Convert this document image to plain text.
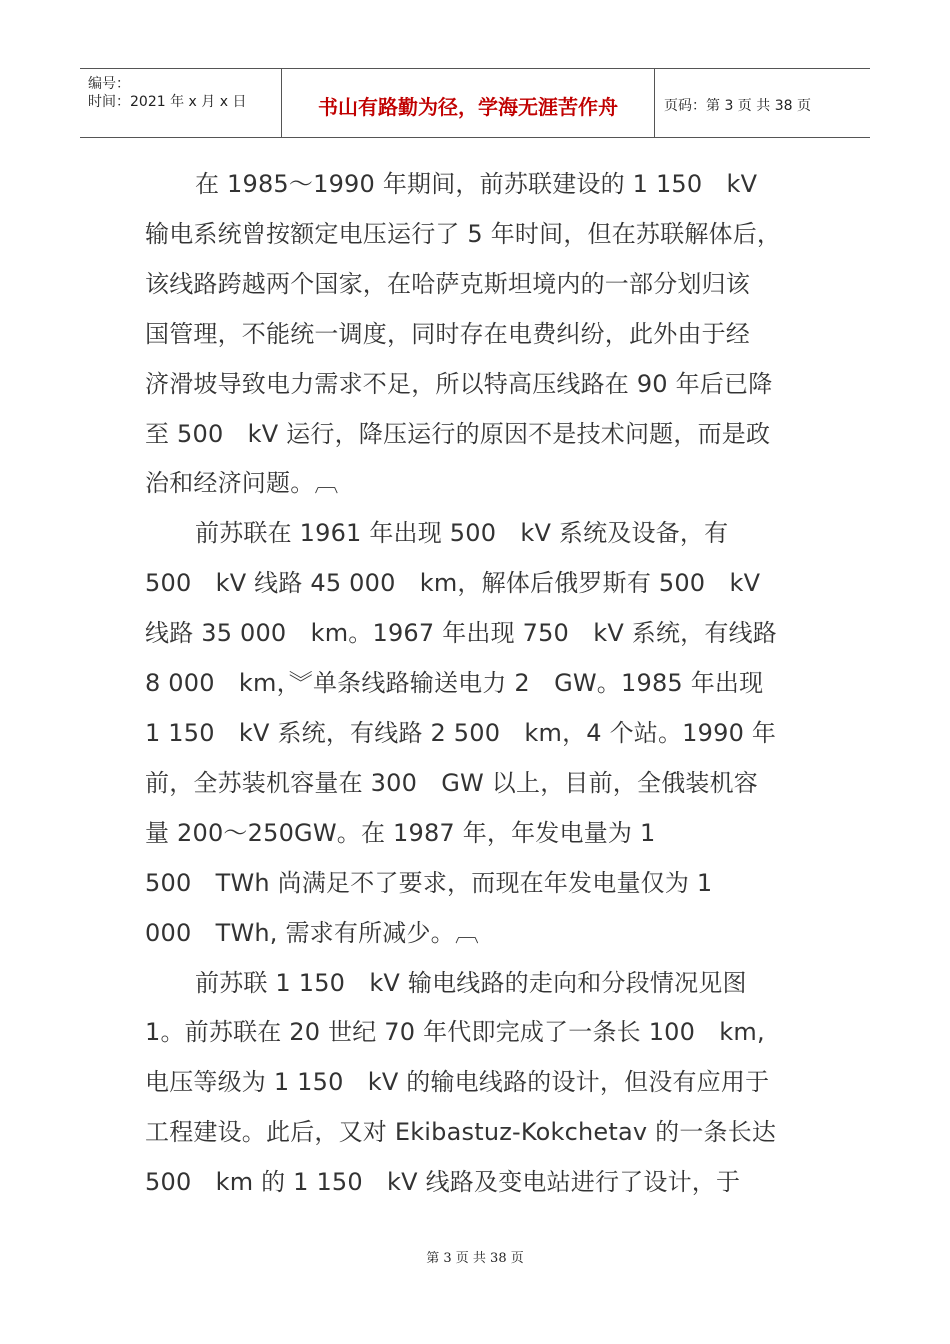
编号：
时间：2021 年 x 月 x 日	书山有路勤为径，学海无涯苦作舟	页码：第 3 页 共 38 页

在 1985～1990 年期间，前苏联建设的 1 150　kV
输电系统曾按额定电压运行了 5 年时间，但在苏联解体后，
该线路跨越两个国家，在哈萨克斯坦境内的一部分划归该
国管理，不能统一调度，同时存在电费纠纷，此外由于经
济滑坡导致电力需求不足，所以特高压线路在 90 年后已降
至 500　kV 运行，降压运行的原因不是技术问题，而是政
治和经济问题。︹

前苏联在 1961 年出现 500　kV 系统及设备，有
500　kV 线路 45 000　km，解体后俄罗斯有 500　kV
线路 35 000　km。1967 年出现 750　kV 系统，有线路
8 000　km，︾单条线路输送电力 2　GW。1985 年出现
1 150　kV 系统，有线路 2 500　km，4 个站。1990 年
前，全苏装机容量在 300　GW 以上，目前，全俄装机容
量 200～250GW。在 1987 年，年发电量为 1
500　TWh 尚满足不了要求，而现在年发电量仅为 1
000　TWh, 需求有所减少。︹

前苏联 1 150　kV 输电线路的走向和分段情况见图
1。前苏联在 20 世纪 70 年代即完成了一条长 100　km,
电压等级为 1 150　kV 的输电线路的设计，但没有应用于
工程建设。此后，又对 Ekibastuz-Kokchetav 的一条长达
500　km 的 1 150　kV 线路及变电站进行了设计，于

第 3 页 共 38 页
